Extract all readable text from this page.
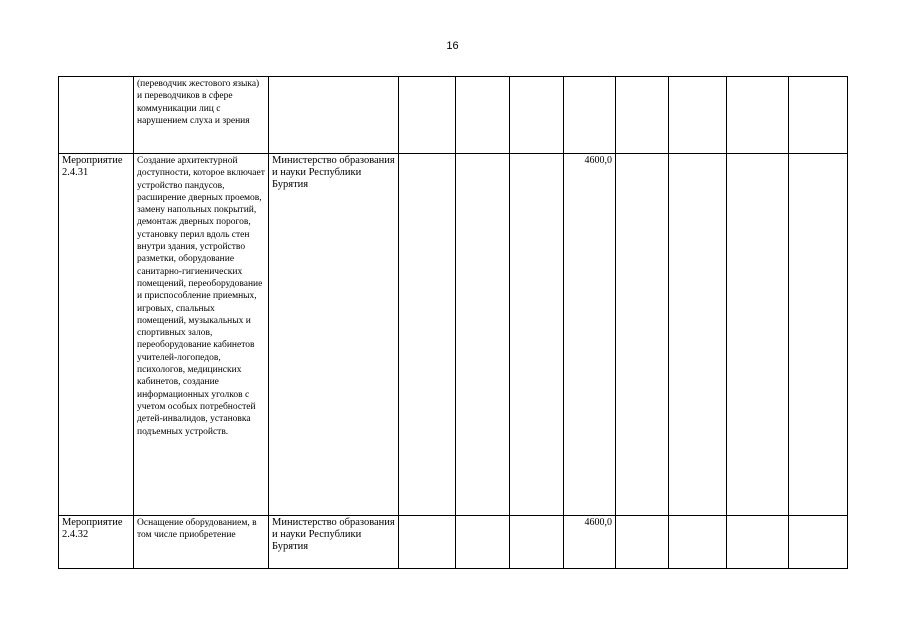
16
	(переводчик жестового языка) и переводчиков в сфере коммуникации лиц с нарушением слуха и зрения									
Мероприятие 2.4.31	Создание архитектурной доступности, которое включает устройство пандусов, расширение дверных проемов, замену напольных покрытий, демонтаж дверных порогов, установку перил вдоль стен внутри здания, устройство разметки, оборудование санитарно-гигиенических помещений, переоборудование и приспособление приемных, игровых, спальных помещений, музыкальных и спортивных залов, переоборудование кабинетов учителей-логопедов, психологов, медицинских кабинетов, создание информационных уголков с учетом особых потребностей детей-инвалидов, установка подъемных устройств.	Министерство образования и науки Республики Бурятия				4600,0				
Мероприятие 2.4.32	Оснащение оборудованием, в том числе приобретение	Министерство образования и науки Республики Бурятия				4600,0				
